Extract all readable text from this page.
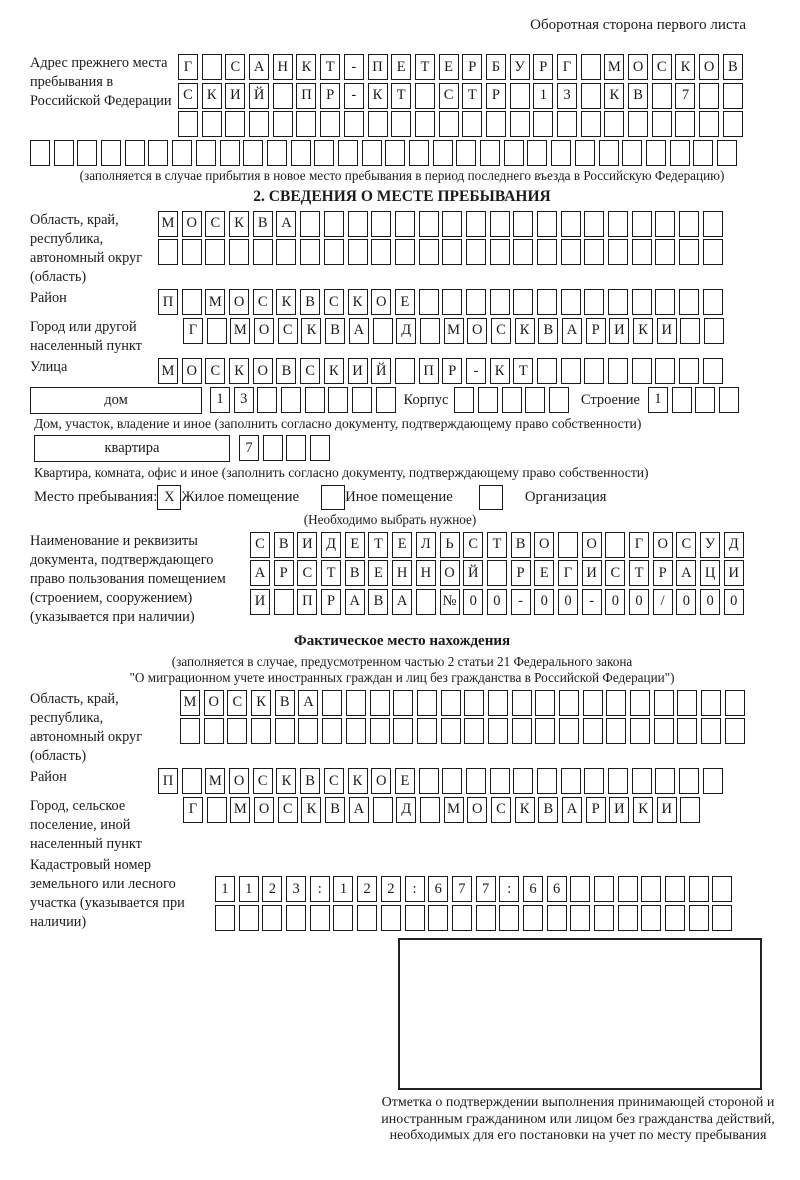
Оборотная сторона первого листа
Адрес прежнего места пребывания в Российской Федерации
Г	С А Н К Т	-	П Е	Т	Е	Р	Б У	Р	Г	М О С К О В
С К И Й	П Р	-	К Т	С Т	Р	1	3	К В	7
(заполняется в случае прибытия в новое место пребывания в период последнего въезда в Российскую Федерацию)
2. СВЕДЕНИЯ О МЕСТЕ ПРЕБЫВАНИЯ
Область, край, республика, автономный округ (область)
М О С К В А
Район	П	М О С К В С К О Е
Город или другой населенный пункт
Г	М О С К В А	Д	М О С К В А Р И К И
Улица	М О С К О В С К И Й	П Р	-	К Т
дом	1	3	Корпус	Строение 1
Дом, участок, владение и иное (заполнить согласно документу, подтверждающему право собственности)
квартира	7
Квартира, комната, офис и иное (заполнить согласно документу, подтверждающему право собственности)
Место пребывания: X Жилое помещение	Иное помещение	Организация
(Необходимо выбрать нужное)
Наименование и реквизиты документа, подтверждающего право пользования помещением (строением, сооружением) (указывается при наличии)
С В И Д Е	Т	Е Л	Ь	С Т В О	О	Г О С У Д
А Р	С Т В Е Н Н О Й	Р	Е	Г И С Т	Р А Ц И
И	П Р А В А	№ 0	0	-	0	0	-	0	0	/	0	0	0
Фактическое место нахождения
(заполняется в случае, предусмотренном частью 2 статьи 21 Федерального закона
"О миграционном учете иностранных граждан и лиц без гражданства в Российской Федерации")
Область, край, республика, автономный округ (область)
М О С К В А
Район	П	М О С К В С К О Е
Город, сельское поселение, иной населенный пункт
Г	М О С К В А	Д	М О С К В А Р И К И
Кадастровый номер земельного или лесного участка (указывается при наличии)
1	1	2	3	:	1	2	2	:	6	7	7	:	6	6
Отметка о подтверждении выполнения принимающей стороной и иностранным гражданином или лицом без гражданства действий, необходимых для его постановки на учет по месту пребывания
